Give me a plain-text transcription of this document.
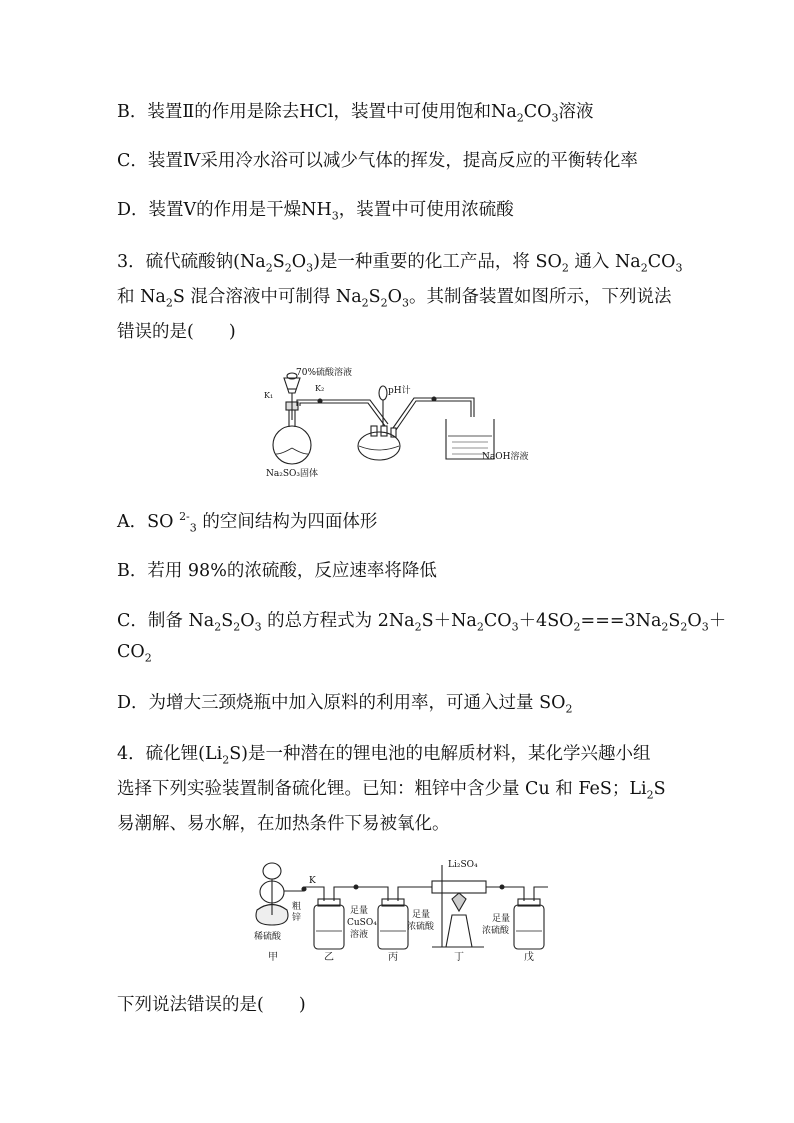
B．装置Ⅱ的作用是除去HCl，装置中可使用饱和$Na_2CO_3$溶液
C．装置Ⅳ采用冷水浴可以减少气体的挥发，提高反应的平衡转化率
D．装置Ⅴ的作用是干燥$NH_3$，装置中可使用浓硫酸
3．硫代硫酸钠$(Na_2S_2O_3)$是一种重要的化工产品，将 $SO_2$ 通入 $Na_2CO_3$
和 $Na_2S$ 混合溶液中可制得 $Na_2S_2O_3$。其制备装置如图所示，下列说法
错误的是(　　)
70%硫酸溶液
K₁
K₂	pH计
Na₂SO₃固体
NaOH溶液
A．SO $^{2-}_3$ 的空间结构为四面体形
B．若用 98%的浓硫酸，反应速率将降低
C．制备 $Na_2S_2O_3$ 的总方程式为 $2Na_2S+Na_2CO_3+4SO_2===3Na_2S_2O_3+$
$CO_2$
D．为增大三颈烧瓶中加入原料的利用率，可通入过量 $SO_2$
4．硫化锂$(Li_2S)$是一种潜在的锂电池的电解质材料，某化学兴趣小组
选择下列实验装置制备硫化锂。已知：粗锌中含少量 Cu 和 FeS；$Li_2S$
易潮解、易水解，在加热条件下易被氧化。
K
粗
锌
稀硫酸
足量
CuSO₄
溶液
足量
浓硫酸
Li₂SO₄
足量
浓硫酸
甲	乙	丙	丁	戊
下列说法错误的是(　　)
